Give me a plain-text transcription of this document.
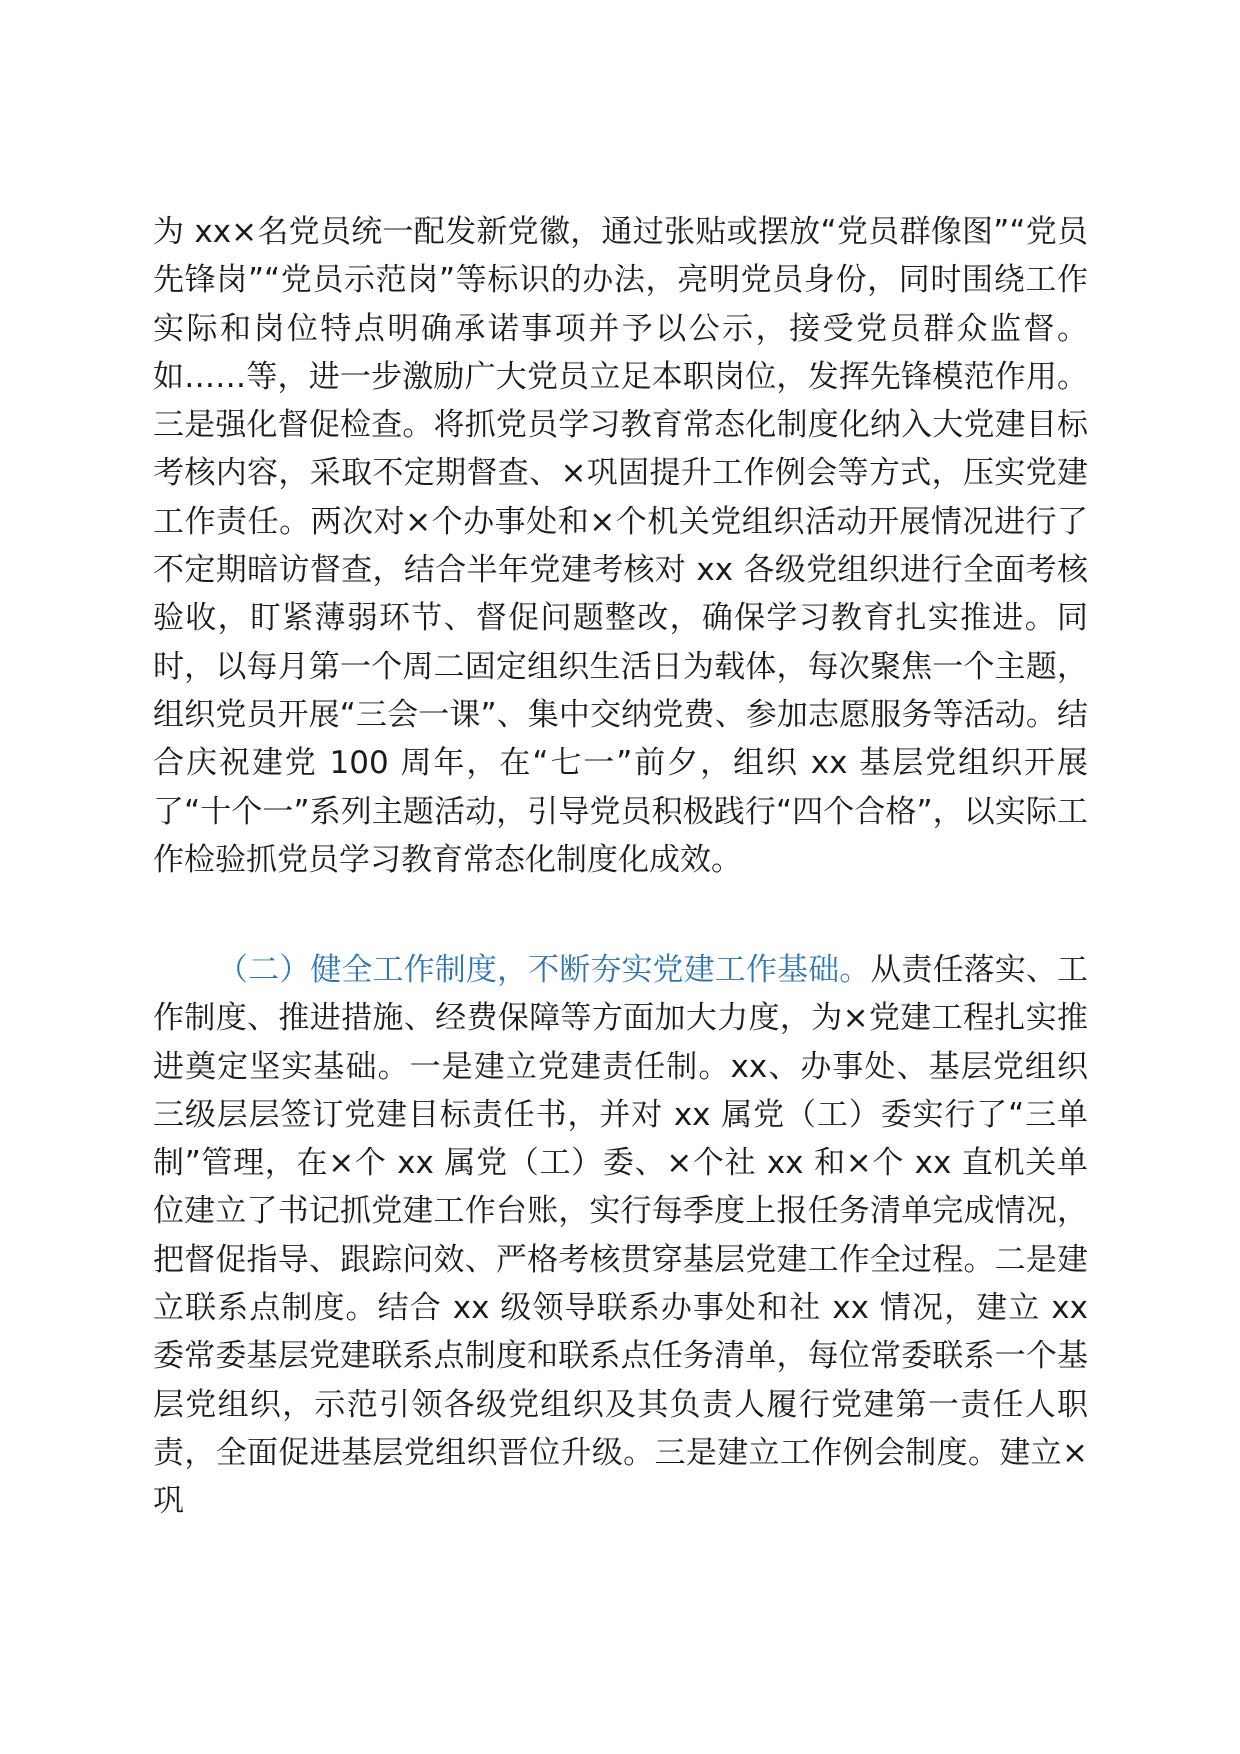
为 xx×名党员统一配发新党徽，通过张贴或摆放“党员群像图”“党员先锋岗”“党员示范岗”等标识的办法，亮明党员身份，同时围绕工作实际和岗位特点明确承诺事项并予以公示，接受党员群众监督。如……等，进一步激励广大党员立足本职岗位，发挥先锋模范作用。三是强化督促检查。将抓党员学习教育常态化制度化纳入大党建目标考核内容，采取不定期督查、×巩固提升工作例会等方式，压实党建工作责任。两次对×个办事处和×个机关党组织活动开展情况进行了不定期暗访督查，结合半年党建考核对 xx 各级党组织进行全面考核验收，盯紧薄弱环节、督促问题整改，确保学习教育扎实推进。同时，以每月第一个周二固定组织生活日为载体，每次聚焦一个主题，组织党员开展“三会一课”、集中交纳党费、参加志愿服务等活动。结合庆祝建党 100 周年，在“七一”前夕，组织 xx 基层党组织开展了“十个一”系列主题活动，引导党员积极践行“四个合格”，以实际工作检验抓党员学习教育常态化制度化成效。

（二）健全工作制度，不断夯实党建工作基础。从责任落实、工作制度、推进措施、经费保障等方面加大力度，为×党建工程扎实推进奠定坚实基础。一是建立党建责任制。xx、办事处、基层党组织三级层层签订党建目标责任书，并对 xx 属党（工）委实行了“三单制”管理，在×个 xx 属党（工）委、×个社 xx 和×个 xx 直机关单位建立了书记抓党建工作台账，实行每季度上报任务清单完成情况，把督促指导、跟踪问效、严格考核贯穿基层党建工作全过程。二是建立联系点制度。结合 xx 级领导联系办事处和社 xx 情况，建立 xx 委常委基层党建联系点制度和联系点任务清单，每位常委联系一个基层党组织，示范引领各级党组织及其负责人履行党建第一责任人职责，全面促进基层党组织晋位升级。三是建立工作例会制度。建立×巩
